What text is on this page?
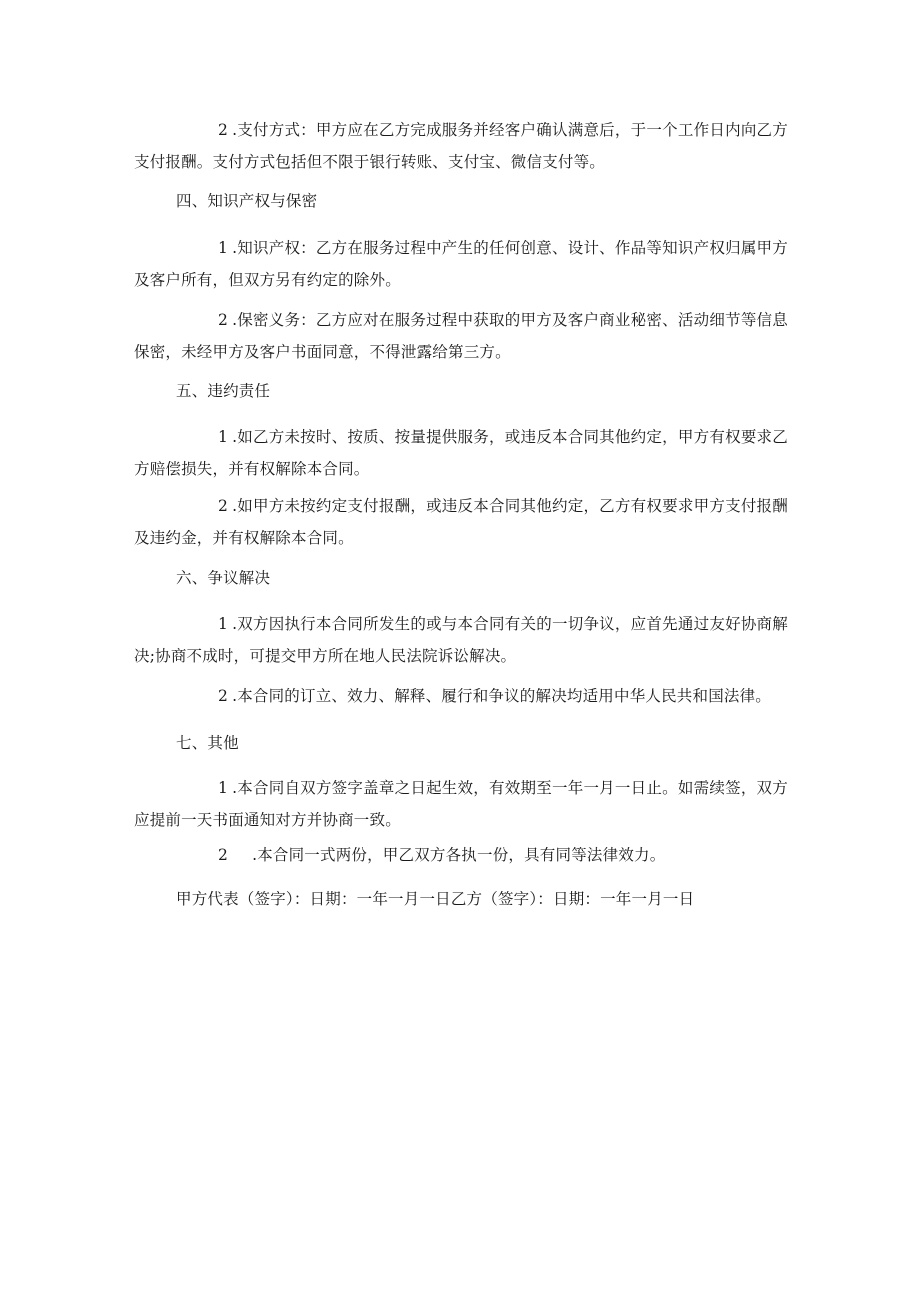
2 .支付方式：甲方应在乙方完成服务并经客户确认满意后，于一个工作日内向乙方支付报酬。支付方式包括但不限于银行转账、支付宝、微信支付等。

四、知识产权与保密

1 .知识产权：乙方在服务过程中产生的任何创意、设计、作品等知识产权归属甲方及客户所有，但双方另有约定的除外。

2 .保密义务：乙方应对在服务过程中获取的甲方及客户商业秘密、活动细节等信息保密，未经甲方及客户书面同意，不得泄露给第三方。

五、违约责任

1 .如乙方未按时、按质、按量提供服务，或违反本合同其他约定，甲方有权要求乙方赔偿损失，并有权解除本合同。

2 .如甲方未按约定支付报酬，或违反本合同其他约定，乙方有权要求甲方支付报酬及违约金，并有权解除本合同。

六、争议解决

1 .双方因执行本合同所发生的或与本合同有关的一切争议，应首先通过友好协商解决;协商不成时，可提交甲方所在地人民法院诉讼解决。

2 .本合同的订立、效力、解释、履行和争议的解决均适用中华人民共和国法律。

七、其他

1 .本合同自双方签字盖章之日起生效，有效期至一年一月一日止。如需续签，双方应提前一天书面通知对方并协商一致。

2 .本合同一式两份，甲乙双方各执一份，具有同等法律效力。

甲方代表（签字）：日期：一年一月一日乙方（签字）：日期：一年一月一日
